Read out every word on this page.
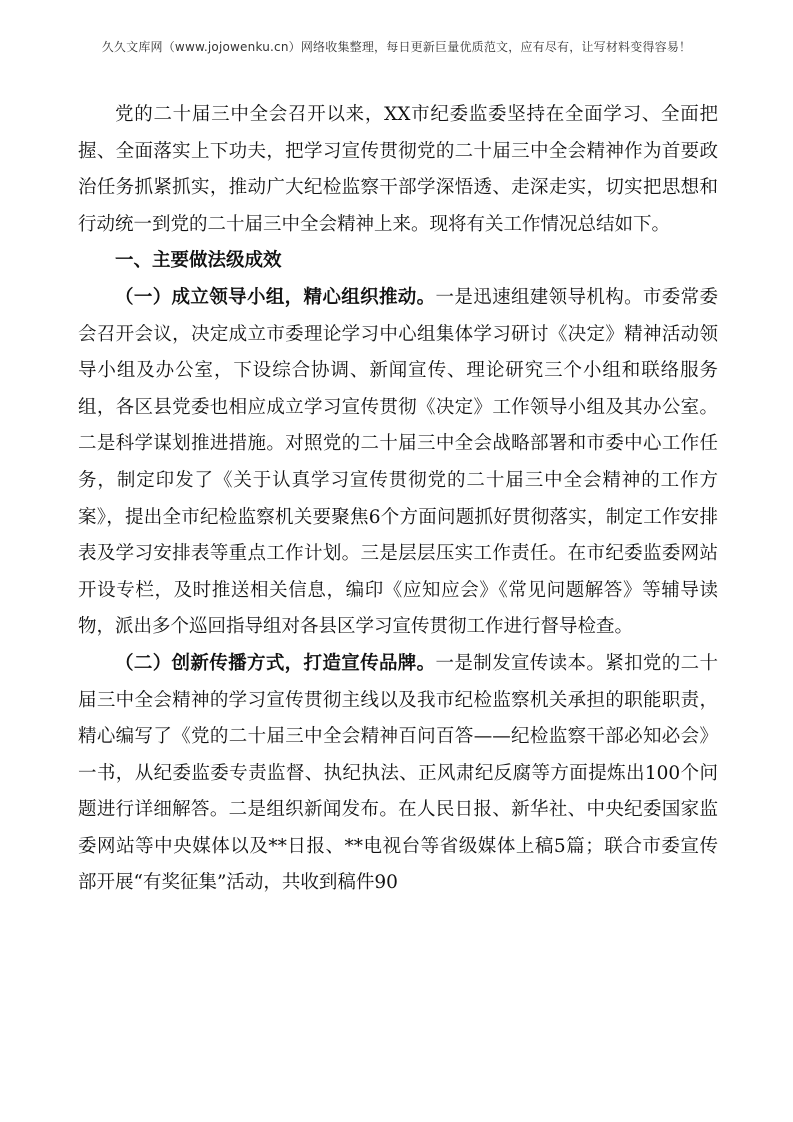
久久文库网（www.jojowenku.cn）网络收集整理，每日更新巨量优质范文，应有尽有，让写材料变得容易！

党的二十届三中全会召开以来，XX市纪委监委坚持在全面学习、全面把握、全面落实上下功夫，把学习宣传贯彻党的二十届三中全会精神作为首要政治任务抓紧抓实，推动广大纪检监察干部学深悟透、走深走实，切实把思想和行动统一到党的二十届三中全会精神上来。现将有关工作情况总结如下。

一、主要做法级成效

（一）成立领导小组，精心组织推动。一是迅速组建领导机构。市委常委会召开会议，决定成立市委理论学习中心组集体学习研讨《决定》精神活动领导小组及办公室，下设综合协调、新闻宣传、理论研究三个小组和联络服务组，各区县党委也相应成立学习宣传贯彻《决定》工作领导小组及其办公室。二是科学谋划推进措施。对照党的二十届三中全会战略部署和市委中心工作任务，制定印发了《关于认真学习宣传贯彻党的二十届三中全会精神的工作方案》，提出全市纪检监察机关要聚焦6个方面问题抓好贯彻落实，制定工作安排表及学习安排表等重点工作计划。三是层层压实工作责任。在市纪委监委网站开设专栏，及时推送相关信息，编印《应知应会》《常见问题解答》等辅导读物，派出多个巡回指导组对各县区学习宣传贯彻工作进行督导检查。

（二）创新传播方式，打造宣传品牌。一是制发宣传读本。紧扣党的二十届三中全会精神的学习宣传贯彻主线以及我市纪检监察机关承担的职能职责，精心编写了《党的二十届三中全会精神百问百答——纪检监察干部必知必会》一书，从纪委监委专责监督、执纪执法、正风肃纪反腐等方面提炼出100个问题进行详细解答。二是组织新闻发布。在人民日报、新华社、中央纪委国家监委网站等中央媒体以及**日报、**电视台等省级媒体上稿5篇；联合市委宣传部开展“有奖征集”活动，共收到稿件90
